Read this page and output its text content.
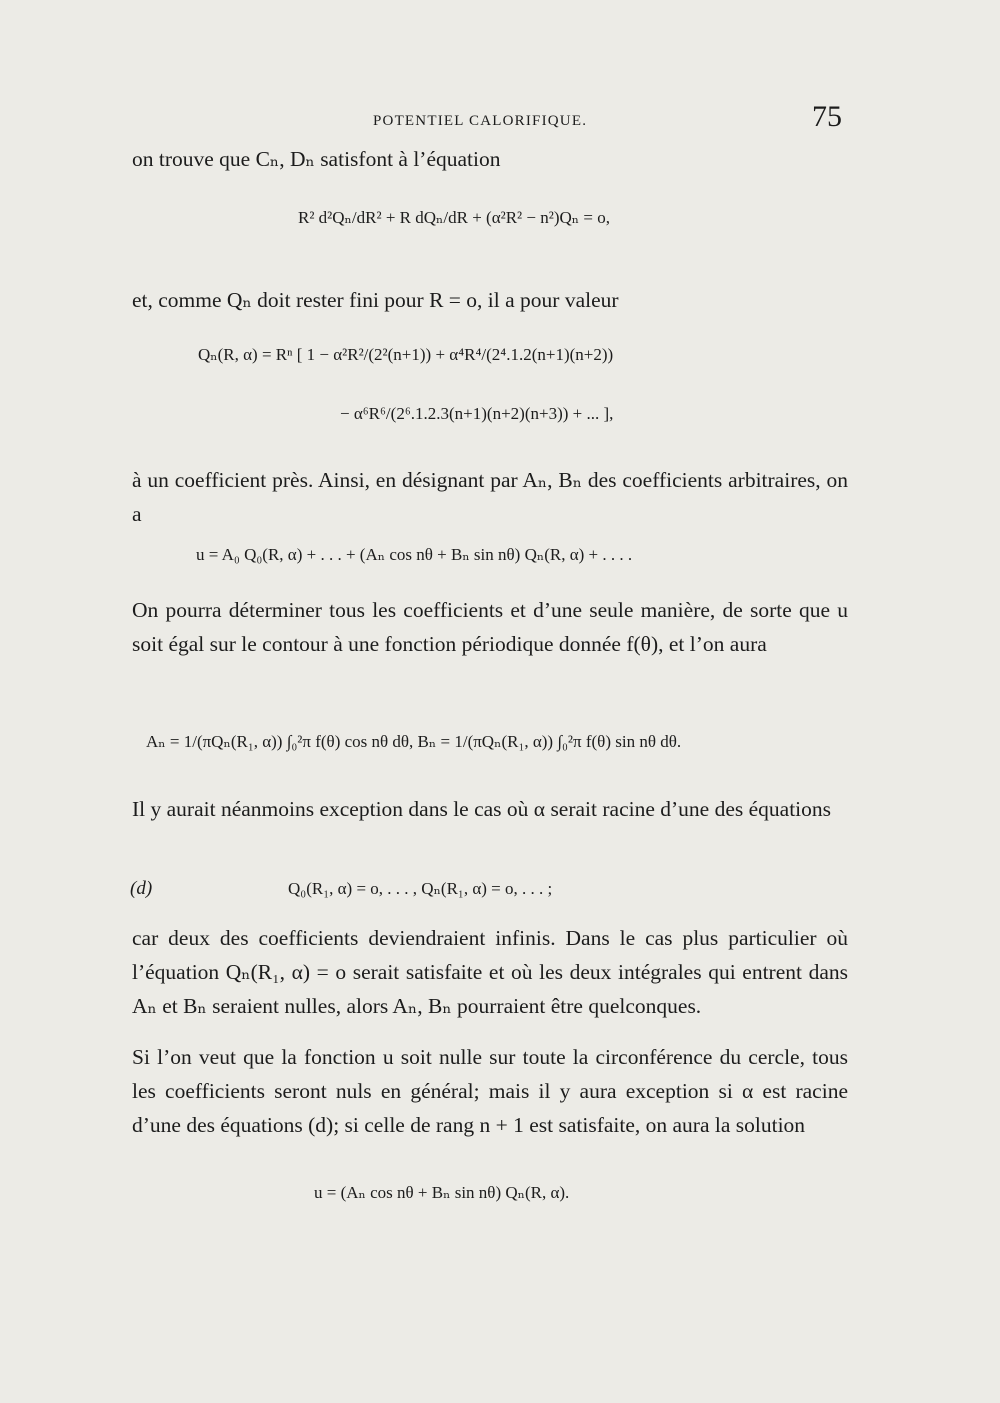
POTENTIEL CALORIFIQUE.	75
on trouve que Cₙ, Dₙ satisfont à l’équation
R² d²Qₙ/dR² + R dQₙ/dR + (α²R² − n²)Qₙ = o,
et, comme Qₙ doit rester fini pour R = o, il a pour valeur
Qₙ(R, α) = Rⁿ [ 1 − α²R²/(2²(n+1)) + α⁴R⁴/(2⁴.1.2(n+1)(n+2))
− α⁶R⁶/(2⁶.1.2.3(n+1)(n+2)(n+3)) + ... ],
à un coefficient près. Ainsi, en désignant par Aₙ, Bₙ des coefficients arbitraires, on a
u = A₀ Q₀(R, α) + . . . + (Aₙ cos nθ + Bₙ sin nθ) Qₙ(R, α) + . . . .
On pourra déterminer tous les coefficients et d’une seule manière, de sorte que u soit égal sur le contour à une fonction périodique donnée f(θ), et l’on aura
Aₙ = 1/(πQₙ(R₁, α)) ∫₀²π f(θ) cos nθ dθ, Bₙ = 1/(πQₙ(R₁, α)) ∫₀²π f(θ) sin nθ dθ.
Il y aurait néanmoins exception dans le cas où α serait racine d’une des équations
(d)	Q₀(R₁, α) = o, . . . , Qₙ(R₁, α) = o, . . . ;
car deux des coefficients deviendraient infinis. Dans le cas plus particulier où l’équation Qₙ(R₁, α) = o serait satisfaite et où les deux intégrales qui entrent dans Aₙ et Bₙ seraient nulles, alors Aₙ, Bₙ pourraient être quelconques.
Si l’on veut que la fonction u soit nulle sur toute la circonférence du cercle, tous les coefficients seront nuls en général; mais il y aura exception si α est racine d’une des équations (d); si celle de rang n + 1 est satisfaite, on aura la solution
u = (Aₙ cos nθ + Bₙ sin nθ) Qₙ(R, α).
